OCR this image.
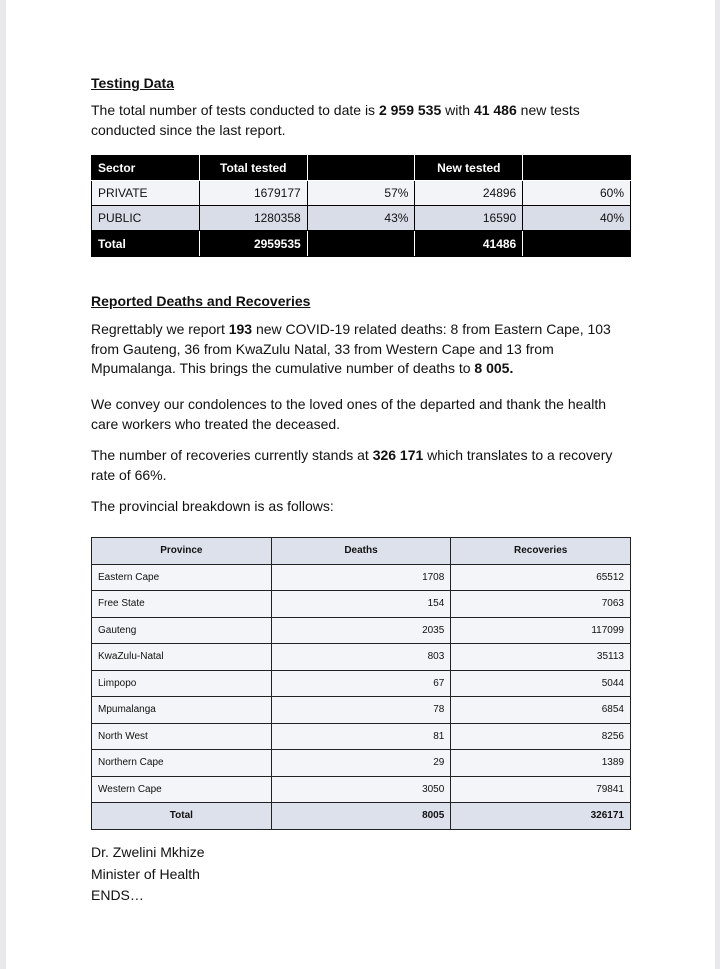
Testing Data
The total number of tests conducted to date is 2 959 535 with 41 486 new tests conducted since the last report.
Sector	Total tested		New tested	
PRIVATE	1679177	57%	24896	60%
PUBLIC	1280358	43%	16590	40%
Total	2959535		41486	
Reported Deaths and Recoveries
Regrettably we report 193 new COVID-19 related deaths: 8 from Eastern Cape, 103 from Gauteng, 36 from KwaZulu Natal, 33 from Western Cape and 13 from Mpumalanga. This brings the cumulative number of deaths to 8 005.
We convey our condolences to the loved ones of the departed and thank the health care workers who treated the deceased.
The number of recoveries currently stands at 326 171 which translates to a recovery rate of 66%.
The provincial breakdown is as follows:
Province	Deaths	Recoveries
Eastern Cape	1708	65512
Free State	154	7063
Gauteng	2035	117099
KwaZulu-Natal	803	35113
Limpopo	67	5044
Mpumalanga	78	6854
North West	81	8256
Northern Cape	29	1389
Western Cape	3050	79841
Total	8005	326171
Dr. Zwelini Mkhize
Minister of Health
ENDS…
